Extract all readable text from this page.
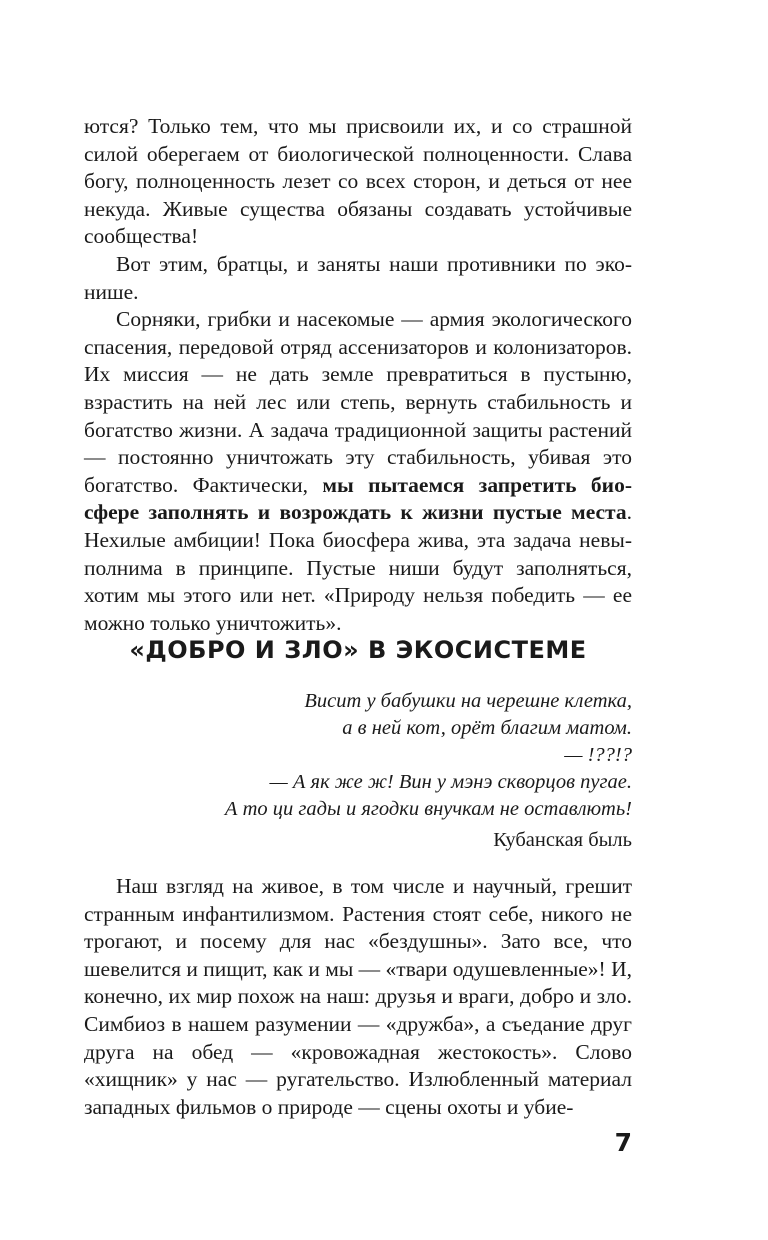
ются? Только тем, что мы присвоили их, и со страшной силой оберегаем от биологической полноценности. Слава богу, полноценность лезет со всех сторон, и деться от нее некуда. Живые существа обязаны создавать устойчивые сообщества!

Вот этим, братцы, и заняты наши противники по эконише.

Сорняки, грибки и насекомые — армия экологического спасения, передовой отряд ассенизаторов и колонизаторов. Их миссия — не дать земле превратиться в пустыню, взрастить на ней лес или степь, вернуть стабильность и богатство жизни. А задача традиционной защиты растений — постоянно уничтожать эту стабильность, убивая это богатство. Фактически, мы пытаемся запретить биосфере заполнять и возрождать к жизни пустые места. Нехилые амбиции! Пока биосфера жива, эта задача невыполнима в принципе. Пустые ниши будут заполняться, хотим мы этого или нет. «Природу нельзя победить — ее можно только уничтожить».

«ДОБРО И ЗЛО» В ЭКОСИСТЕМЕ
Висит у бабушки на черешне клетка,
а в ней кот, орёт благим матом.
— !??!?
— А як же ж! Вин у мэнэ скворцов пугае.
А то ци гады и ягодки внучкам не оставлють!
Кубанская быль

Наш взгляд на живое, в том числе и научный, грешит странным инфантилизмом. Растения стоят себе, никого не трогают, и посему для нас «бездушны». Зато все, что шевелится и пищит, как и мы — «твари одушевленные»! И, конечно, их мир похож на наш: друзья и враги, добро и зло. Симбиоз в нашем разумении — «дружба», а съедание друг друга на обед — «кровожадная жестокость». Слово «хищник» у нас — ругательство. Излюбленный материал западных фильмов о природе — сцены охоты и убие-

7
